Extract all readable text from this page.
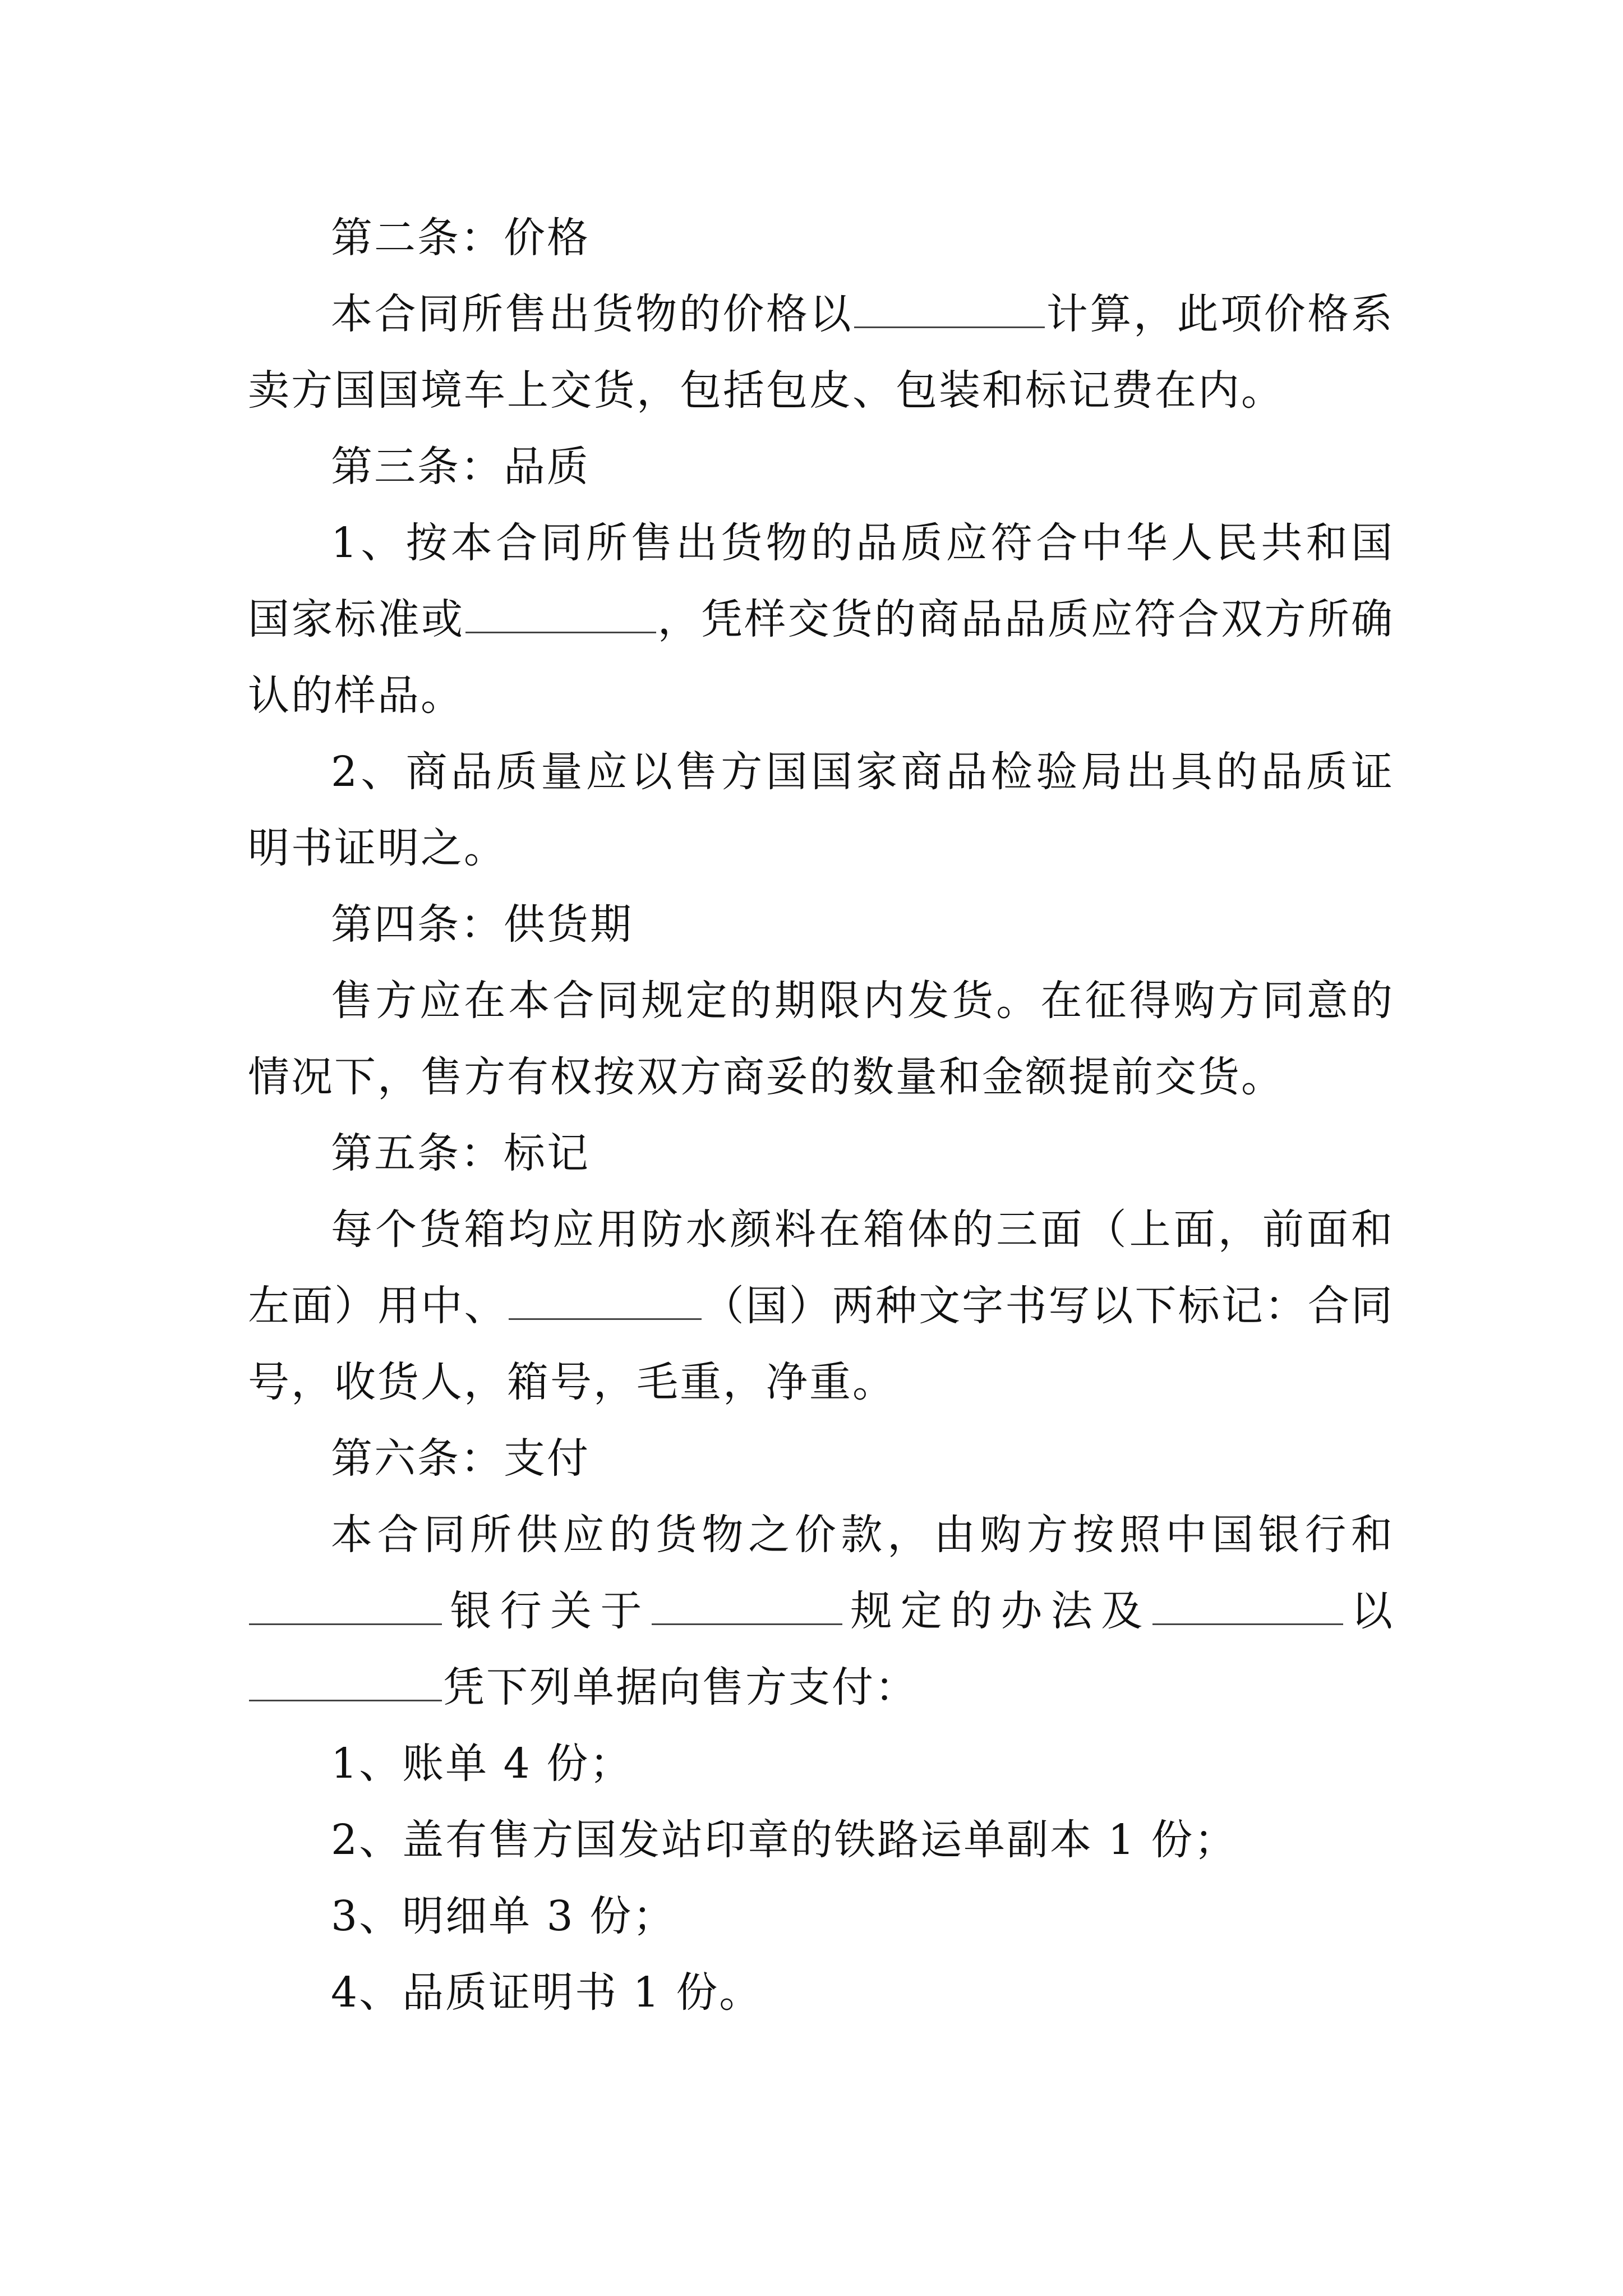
第二条：价格

本合同所售出货物的价格以	计算，此项价格系卖方国国境车上交货，包括包皮、包装和标记费在内。

第三条：品质

1、按本合同所售出货物的品质应符合中华人民共和国国家标准或	，凭样交货的商品品质应符合双方所确认的样品。

2、商品质量应以售方国国家商品检验局出具的品质证明书证明之。

第四条：供货期

售方应在本合同规定的期限内发货。在征得购方同意的情况下，售方有权按双方商妥的数量和金额提前交货。

第五条：标记

每个货箱均应用防水颜料在箱体的三面（上面，前面和左面）用中、	（国）两种文字书写以下标记：合同号，收货人，箱号，毛重，净重。

第六条：支付

本合同所供应的货物之价款，由购方按照中国银行和银行关于	规定的办法及	以凭下列单据向售方支付：

1、账单 4 份；

2、盖有售方国发站印章的铁路运单副本 1 份；

3、明细单 3 份；

4、品质证明书 1 份。
